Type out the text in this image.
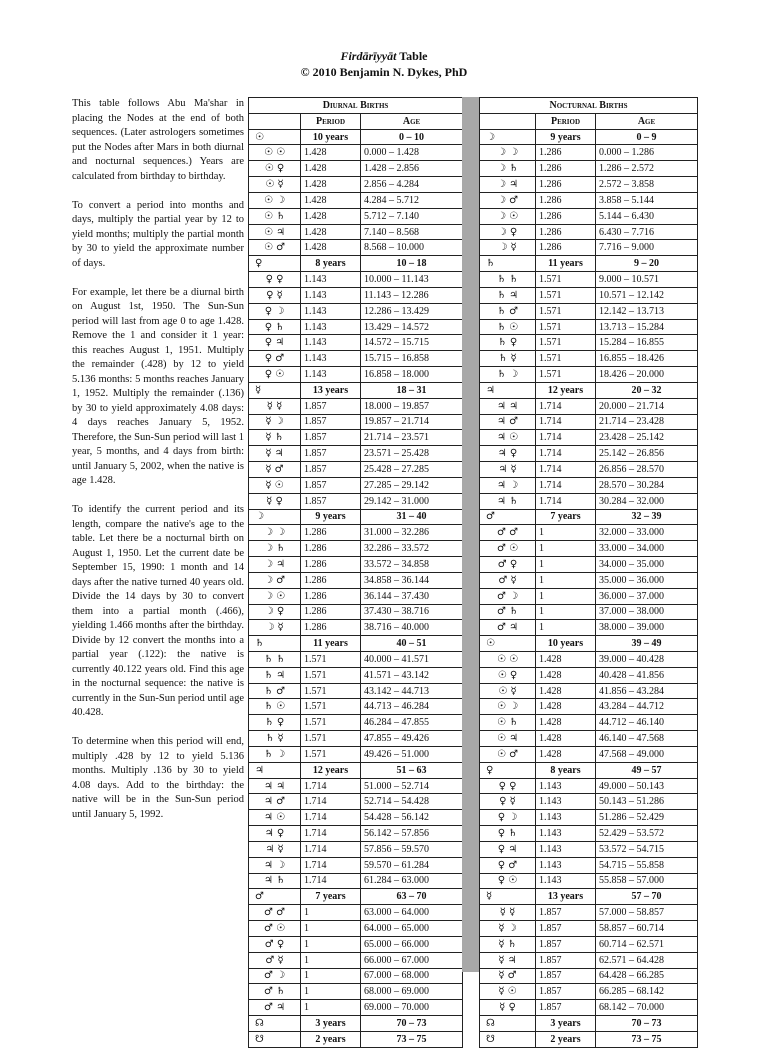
Firdārīyyāt Table
© 2010 Benjamin N. Dykes, PhD

This table follows Abu Ma'shar in placing the Nodes at the end of both sequences. (Later astrologers sometimes put the Nodes after Mars in both diurnal and nocturnal sequences.) Years are calculated from birthday to birthday.

To convert a period into months and days, multiply the partial year by 12 to yield months; multiply the partial month by 30 to yield the approximate number of days.

For example, let there be a diurnal birth on August 1st, 1950. The Sun-Sun period will last from age 0 to age 1.428. Remove the 1 and consider it 1 year: this reaches August 1, 1951. Multiply the remainder (.428) by 12 to yield 5.136 months: 5 months reaches January 1, 1952. Multiply the remainder (.136) by 30 to yield approximately 4.08 days: 4 days reaches January 5, 1952. Therefore, the Sun-Sun period will last 1 year, 5 months, and 4 days from birth: until January 5, 2002, when the native is age 1.428.

To identify the current period and its length, compare the native's age to the table. Let there be a nocturnal birth on August 1, 1950. Let the current date be September 15, 1990: 1 month and 14 days after the native turned 40 years old. Divide the 14 days by 30 to convert them into a partial month (.466), yielding 1.466 months after the birthday. Divide by 12 convert the months into a partial year (.122): the native is currently 40.122 years old. Find this age in the nocturnal sequence: the native is currently in the Sun-Sun period until age 40.428.

To determine when this period will end, multiply .428 by 12 to yield 5.136 months. Multiply .136 by 30 to yield 4.08 days. Add to the birthday: the native will be in the Sun-Sun period until January 5, 1992.

Diurnal Births		
	Period	Age
☉	10 years	0 – 10
☉ ☉	1.428	0.000 – 1.428
☉ ♀	1.428	1.428 – 2.856
☉ ☿	1.428	2.856 – 4.284
☉ ☽	1.428	4.284 – 5.712
☉ ♄	1.428	5.712 – 7.140
☉ ♃	1.428	7.140 – 8.568
☉ ♂	1.428	8.568 – 10.000
♀	8 years	10 – 18
♀ ♀	1.143	10.000 – 11.143
♀ ☿	1.143	11.143 – 12.286
♀ ☽	1.143	12.286 – 13.429
♀ ♄	1.143	13.429 – 14.572
♀ ♃	1.143	14.572 – 15.715
♀ ♂	1.143	15.715 – 16.858
♀ ☉	1.143	16.858 – 18.000
☿	13 years	18 – 31
☿ ☿	1.857	18.000 – 19.857
☿ ☽	1.857	19.857 – 21.714
☿ ♄	1.857	21.714 – 23.571
☿ ♃	1.857	23.571 – 25.428
☿ ♂	1.857	25.428 – 27.285
☿ ☉	1.857	27.285 – 29.142
☿ ♀	1.857	29.142 – 31.000
☽	9 years	31 – 40
☽ ☽	1.286	31.000 – 32.286
☽ ♄	1.286	32.286 – 33.572
☽ ♃	1.286	33.572 – 34.858
☽ ♂	1.286	34.858 – 36.144
☽ ☉	1.286	36.144 – 37.430
☽ ♀	1.286	37.430 – 38.716
☽ ☿	1.286	38.716 – 40.000
♄	11 years	40 – 51
♄ ♄	1.571	40.000 – 41.571
♄ ♃	1.571	41.571 – 43.142
♄ ♂	1.571	43.142 – 44.713
♄ ☉	1.571	44.713 – 46.284
♄ ♀	1.571	46.284 – 47.855
♄ ☿	1.571	47.855 – 49.426
♄ ☽	1.571	49.426 – 51.000
♃	12 years	51 – 63
♃ ♃	1.714	51.000 – 52.714
♃ ♂	1.714	52.714 – 54.428
♃ ☉	1.714	54.428 – 56.142
♃ ♀	1.714	56.142 – 57.856
♃ ☿	1.714	57.856 – 59.570
♃ ☽	1.714	59.570 – 61.284
♃ ♄	1.714	61.284 – 63.000
♂	7 years	63 – 70
♂ ♂	1	63.000 – 64.000
♂ ☉	1	64.000 – 65.000
♂ ♀	1	65.000 – 66.000
♂ ☿	1	66.000 – 67.000
♂ ☽	1	67.000 – 68.000
♂ ♄	1	68.000 – 69.000
♂ ♃	1	69.000 – 70.000
☊	3 years	70 – 73
☋	2 years	73 – 75
Nocturnal Births		
	Period	Age
☽	9 years	0 – 9
☽ ☽	1.286	0.000 – 1.286
☽ ♄	1.286	1.286 – 2.572
☽ ♃	1.286	2.572 – 3.858
☽ ♂	1.286	3.858 – 5.144
☽ ☉	1.286	5.144 – 6.430
☽ ♀	1.286	6.430 – 7.716
☽ ☿	1.286	7.716 – 9.000
♄	11 years	9 – 20
♄ ♄	1.571	9.000 – 10.571
♄ ♃	1.571	10.571 – 12.142
♄ ♂	1.571	12.142 – 13.713
♄ ☉	1.571	13.713 – 15.284
♄ ♀	1.571	15.284 – 16.855
♄ ☿	1.571	16.855 – 18.426
♄ ☽	1.571	18.426 – 20.000
♃	12 years	20 – 32
♃ ♃	1.714	20.000 – 21.714
♃ ♂	1.714	21.714 – 23.428
♃ ☉	1.714	23.428 – 25.142
♃ ♀	1.714	25.142 – 26.856
♃ ☿	1.714	26.856 – 28.570
♃ ☽	1.714	28.570 – 30.284
♃ ♄	1.714	30.284 – 32.000
♂	7 years	32 – 39
♂ ♂	1	32.000 – 33.000
♂ ☉	1	33.000 – 34.000
♂ ♀	1	34.000 – 35.000
♂ ☿	1	35.000 – 36.000
♂ ☽	1	36.000 – 37.000
♂ ♄	1	37.000 – 38.000
♂ ♃	1	38.000 – 39.000
☉	10 years	39 – 49
☉ ☉	1.428	39.000 – 40.428
☉ ♀	1.428	40.428 – 41.856
☉ ☿	1.428	41.856 – 43.284
☉ ☽	1.428	43.284 – 44.712
☉ ♄	1.428	44.712 – 46.140
☉ ♃	1.428	46.140 – 47.568
☉ ♂	1.428	47.568 – 49.000
♀	8 years	49 – 57
♀ ♀	1.143	49.000 – 50.143
♀ ☿	1.143	50.143 – 51.286
♀ ☽	1.143	51.286 – 52.429
♀ ♄	1.143	52.429 – 53.572
♀ ♃	1.143	53.572 – 54.715
♀ ♂	1.143	54.715 – 55.858
♀ ☉	1.143	55.858 – 57.000
☿	13 years	57 – 70
☿ ☿	1.857	57.000 – 58.857
☿ ☽	1.857	58.857 – 60.714
☿ ♄	1.857	60.714 – 62.571
☿ ♃	1.857	62.571 – 64.428
☿ ♂	1.857	64.428 – 66.285
☿ ☉	1.857	66.285 – 68.142
☿ ♀	1.857	68.142 – 70.000
☊	3 years	70 – 73
☋	2 years	73 – 75
